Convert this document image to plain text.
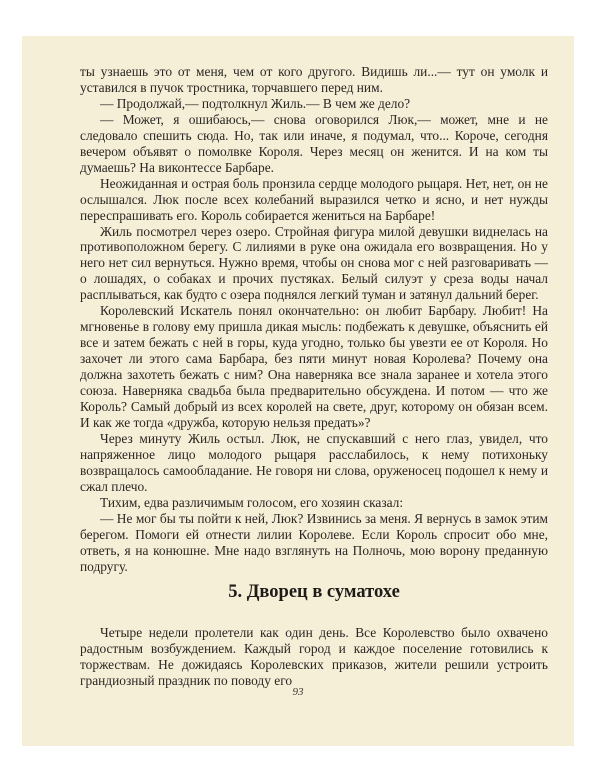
ты узнаешь это от меня, чем от кого другого. Видишь ли...— тут он умолк и уставился в пучок тростника, торчавшего перед ним.

— Продолжай,— подтолкнул Жиль.— В чем же дело?

— Может, я ошибаюсь,— снова оговорился Люк,— может, мне и не следовало спешить сюда. Но, так или иначе, я подумал, что... Короче, сегодня вечером объявят о помолвке Короля. Через месяц он женится. И на ком ты думаешь? На виконтессе Барбаре.

Неожиданная и острая боль пронзила сердце молодого рыцаря. Нет, нет, он не ослышался. Люк после всех колебаний выразился четко и ясно, и нет нужды переспрашивать его. Король собирается жениться на Барбаре!

Жиль посмотрел через озеро. Стройная фигура милой девушки виднелась на противоположном берегу. С лилиями в руке она ожидала его возвращения. Но у него нет сил вернуться. Нужно время, чтобы он снова мог с ней разговаривать — о лошадях, о собаках и прочих пустяках. Белый силуэт у среза воды начал расплываться, как будто с озера поднялся легкий туман и затянул дальний берег.

Королевский Искатель понял окончательно: он любит Барбару. Любит! На мгновенье в голову ему пришла дикая мысль: подбежать к девушке, объяснить ей все и затем бежать с ней в горы, куда угодно, только бы увезти ее от Короля. Но захочет ли этого сама Барбара, без пяти минут новая Королева? Почему она должна захотеть бежать с ним? Она наверняка все знала заранее и хотела этого союза. Наверняка свадьба была предварительно обсуждена. И потом — что же Король? Самый добрый из всех королей на свете, друг, которому он обязан всем. И как же тогда «дружба, которую нельзя предать»?

Через минуту Жиль остыл. Люк, не спускавший с него глаз, увидел, что напряженное лицо молодого рыцаря расслабилось, к нему потихоньку возвращалось самообладание. Не говоря ни слова, оруженосец подошел к нему и сжал плечо.

Тихим, едва различимым голосом, его хозяин сказал:

— Не мог бы ты пойти к ней, Люк? Извинись за меня. Я вернусь в замок этим берегом. Помоги ей отнести лилии Королеве. Если Король спросит обо мне, ответь, я на конюшне. Мне надо взглянуть на Полночь, мою ворону преданную подругу.

5. Дворец в суматохе

Четыре недели пролетели как один день. Все Королевство было охвачено радостным возбуждением. Каждый город и каждое поселение готовились к торжествам. Не дожидаясь Королевских приказов, жители решили устроить грандиозный праздник по поводу его

93
